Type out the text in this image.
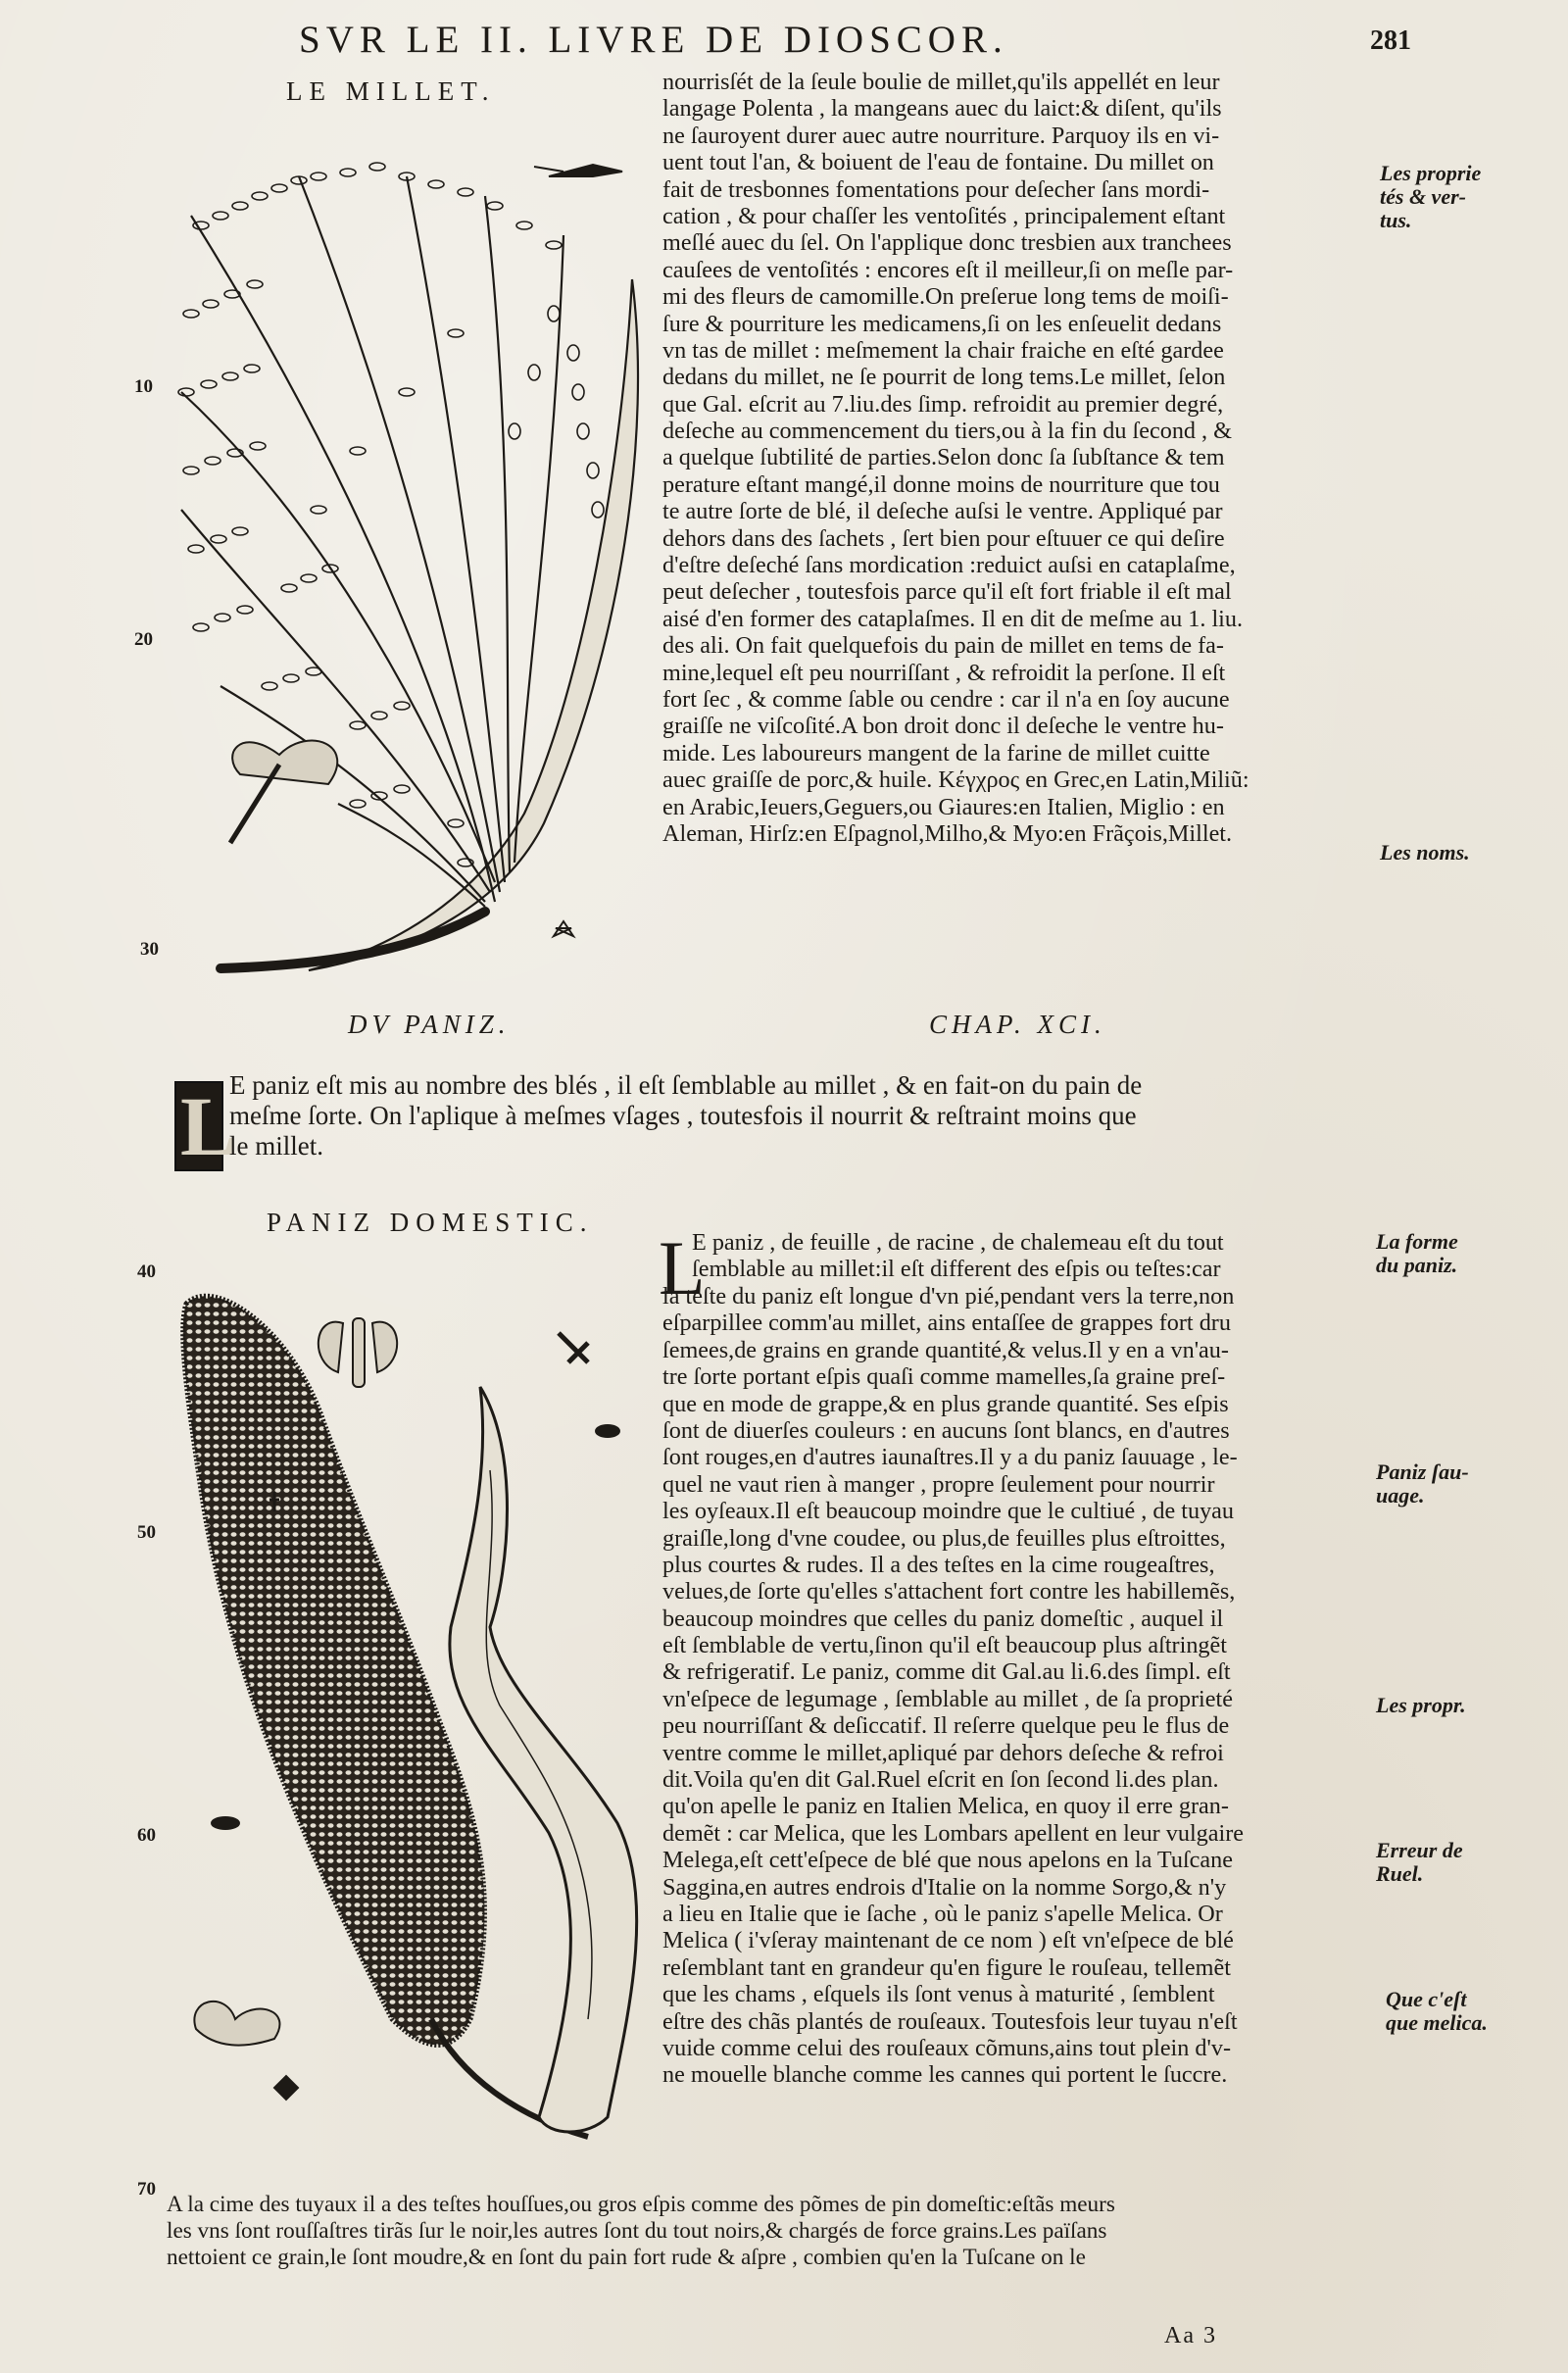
SVR LE II. LIVRE DE DIOSCOR.	281
LE MILLET.	nourrisſét de la ſeule boulie de millet,qu'ils appellét en leur
langage Polenta , la mangeans auec du laict:& diſent, qu'ils
ne ſauroyent durer auec autre nourriture. Parquoy ils en vi-
uent tout l'an, & boiuent de l'eau de fontaine. Du millet on
fait de tresbonnes fomentations pour deſecher ſans mordi-
cation , & pour chaſſer les ventoſités , principalement eſtant
meſlé auec du ſel. On l'applique donc tresbien aux tranchees
cauſees de ventoſités : encores eſt il meilleur,ſi on meſle par-
mi des fleurs de camomille.On preſerue long tems de moiſi-
ſure & pourriture les medicamens,ſi on les enſeuelit dedans
vn tas de millet : meſmement la chair fraiche en eſté gardee
dedans du millet, ne ſe pourrit de long tems.Le millet, ſelon
que Gal. eſcrit au 7.liu.des ſimp. refroidit au premier degré,
deſeche au commencement du tiers,ou à la fin du ſecond , &
a quelque ſubtilité de parties.Selon donc ſa ſubſtance & tem
perature eſtant mangé,il donne moins de nourriture que tou
te autre ſorte de blé, il deſeche auſsi le ventre. Appliqué par
dehors dans des ſachets , ſert bien pour eſtuuer ce qui deſire
d'eſtre deſeché ſans mordication :reduict auſsi en cataplaſme,
peut deſecher , toutesfois parce qu'il eſt fort friable il eſt mal
aisé d'en former des cataplaſmes. Il en dit de meſme au 1. liu.
des ali. On fait quelquefois du pain de millet en tems de fa-
mine,lequel eſt peu nourriſſant , & refroidit la perſone. Il eſt
fort ſec , & comme ſable ou cendre : car il n'a en ſoy aucune
graiſſe ne viſcoſité.A bon droit donc il deſeche le ventre hu-
mide. Les laboureurs mangent de la farine de millet cuitte
auec graiſſe de porc,& huile. Κέγχρος en Grec,en Latin,Miliũ:
en Arabic,Ieuers,Geguers,ou Giaures:en Italien, Miglio : en
Aleman, Hirſz:en Eſpagnol,Milho,& Myo:en Frãçois,Millet.
Les proprie
tés & ver-
tus.
Les noms.
10
20
30
DV PANIZ.	CHAP. XCI.
L
E paniz eſt mis au nombre des blés , il eſt ſemblable au millet , & en fait-on du pain de
meſme ſorte. On l'aplique à meſmes vſages , toutesfois il nourrit & reſtraint moins que
le millet.
PANIZ DOMESTIC.
L
E paniz , de feuille , de racine , de chalemeau eſt du tout
ſemblable au millet:il eſt different des eſpis ou teſtes:car
la teſte du paniz eſt longue d'vn pié,pendant vers la terre,non
eſparpillee comm'au millet, ains entaſſee de grappes fort dru
ſemees,de grains en grande quantité,& velus.Il y en a vn'au-
tre ſorte portant eſpis quaſi comme mamelles,ſa graine preſ-
que en mode de grappe,& en plus grande quantité. Ses eſpis
ſont de diuerſes couleurs : en aucuns ſont blancs, en d'autres
ſont rouges,en d'autres iaunaſtres.Il y a du paniz ſauuage , le-
quel ne vaut rien à manger , propre ſeulement pour nourrir
les oyſeaux.Il eſt beaucoup moindre que le cultiué , de tuyau
graiſle,long d'vne coudee, ou plus,de feuilles plus eſtroittes,
plus courtes & rudes. Il a des teſtes en la cime rougeaſtres,
velues,de ſorte qu'elles s'attachent fort contre les habillemẽs,
beaucoup moindres que celles du paniz domeſtic , auquel il
eſt ſemblable de vertu,ſinon qu'il eſt beaucoup plus aſtringẽt
& refrigeratif. Le paniz, comme dit Gal.au li.6.des ſimpl. eſt
vn'eſpece de legumage , ſemblable au millet , de ſa proprieté
peu nourriſſant & deſiccatif. Il reſerre quelque peu le flus de
ventre comme le millet,apliqué par dehors deſeche & refroi
dit.Voila qu'en dit Gal.Ruel eſcrit en ſon ſecond li.des plan.
qu'on apelle le paniz en Italien Melica, en quoy il erre gran-
demẽt : car Melica, que les Lombars apellent en leur vulgaire
Melega,eſt cett'eſpece de blé que nous apelons en la Tuſcane
Saggina,en autres endrois d'Italie on la nomme Sorgo,& n'y
a lieu en Italie que ie ſache , où le paniz s'apelle Melica. Or
Melica ( i'vſeray maintenant de ce nom ) eſt vn'eſpece de blé
reſemblant tant en grandeur qu'en figure le rouſeau, tellemẽt
que les chams , eſquels ils ſont venus à maturité , ſemblent
eſtre des chãs plantés de rouſeaux. Toutesfois leur tuyau n'eſt
vuide comme celui des rouſeaux cõmuns,ains tout plein d'v-
ne mouelle blanche comme les cannes qui portent le ſuccre.
A la cime des tuyaux il a des teſtes houſſues,ou gros eſpis comme des põmes de pin domeſtic:eſtãs meurs
les vns ſont rouſſaſtres tirãs ſur le noir,les autres ſont du tout noirs,& chargés de force grains.Les païſans
nettoient ce grain,le ſont moudre,& en ſont du pain fort rude & aſpre , combien qu'en la Tuſcane on le
La forme
du paniz.
Paniz ſau-
uage.
Les propr.
Erreur de
Ruel.
Que c'eſt
que melica.
40
50
60
70
Aa 3
